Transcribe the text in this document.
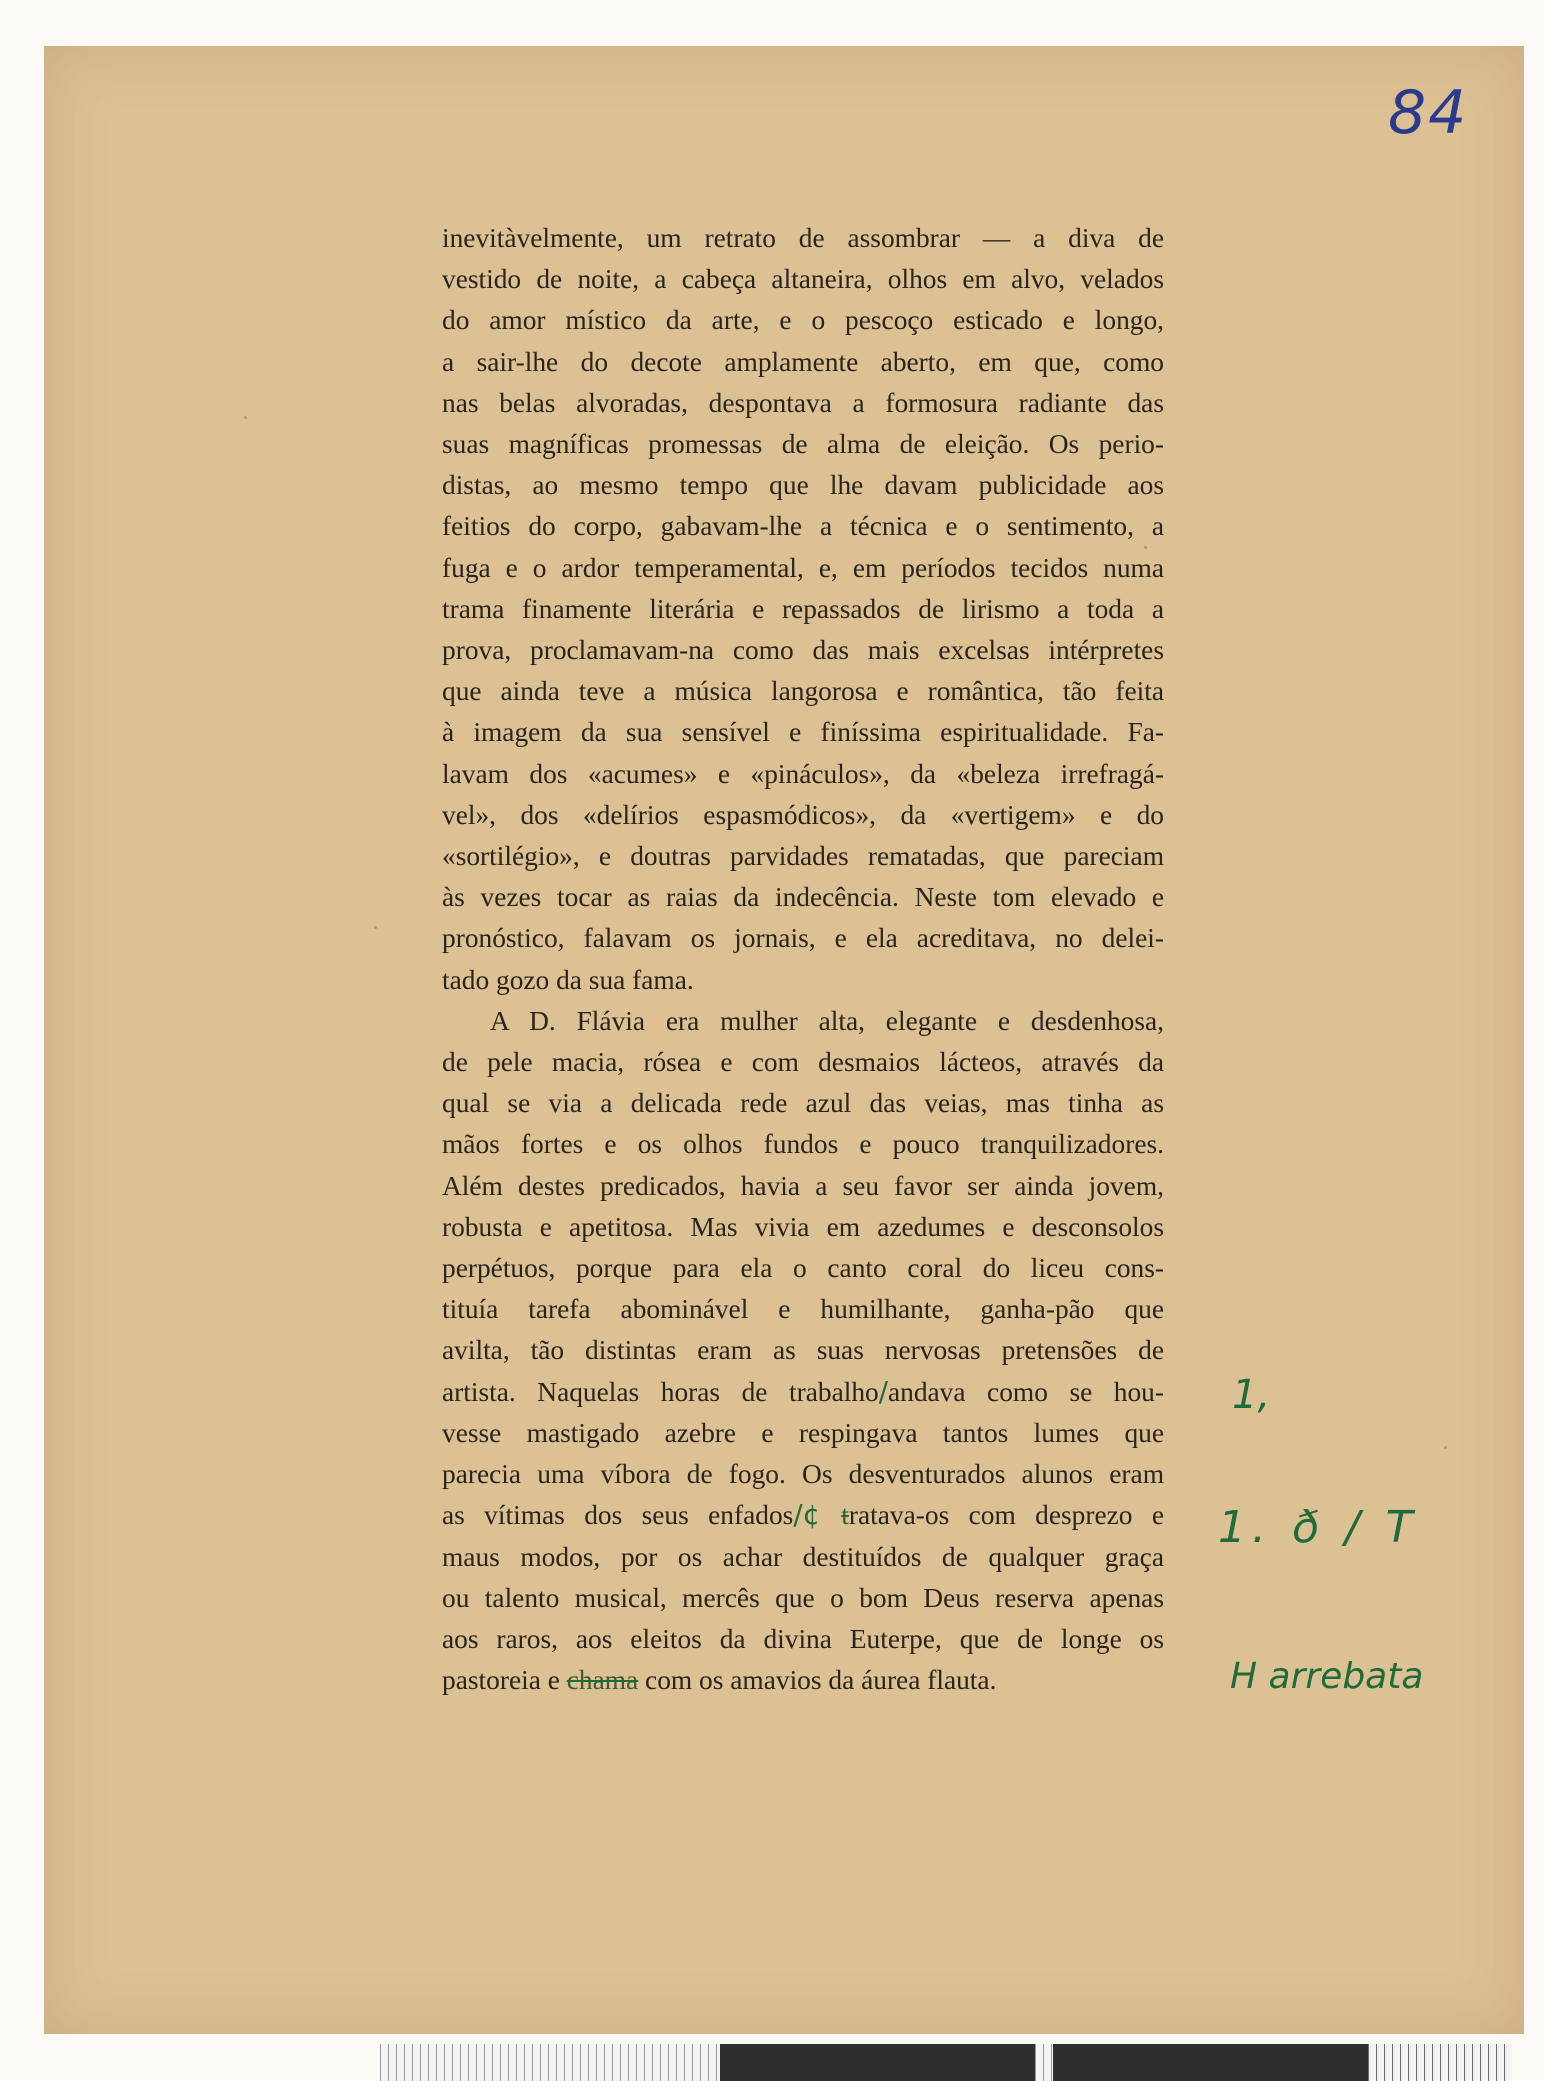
84
inevitàvelmente, um retrato de assombrar — a diva de
vestido de noite, a cabeça altaneira, olhos em alvo, velados
do amor místico da arte, e o pescoço esticado e longo,
a sair-lhe do decote amplamente aberto, em que, como
nas belas alvoradas, despontava a formosura radiante das
suas magníficas promessas de alma de eleição. Os perio-
distas, ao mesmo tempo que lhe davam publicidade aos
feitios do corpo, gabavam-lhe a técnica e o sentimento, a
fuga e o ardor temperamental, e, em períodos tecidos numa
trama finamente literária e repassados de lirismo a toda a
prova, proclamavam-na como das mais excelsas intérpretes
que ainda teve a música langorosa e romântica, tão feita
à imagem da sua sensível e finíssima espiritualidade. Fa-
lavam dos «acumes» e «pináculos», da «beleza irrefragá-
vel», dos «delírios espasmódicos», da «vertigem» e do
«sortilégio», e doutras parvidades rematadas, que pareciam
às vezes tocar as raias da indecência. Neste tom elevado e
pronóstico, falavam os jornais, e ela acreditava, no delei-
tado gozo da sua fama.
A D. Flávia era mulher alta, elegante e desdenhosa,
de pele macia, rósea e com desmaios lácteos, através da
qual se via a delicada rede azul das veias, mas tinha as
mãos fortes e os olhos fundos e pouco tranquilizadores.
Além destes predicados, havia a seu favor ser ainda jovem,
robusta e apetitosa. Mas vivia em azedumes e desconsolos
perpétuos, porque para ela o canto coral do liceu cons-
tituía tarefa abominável e humilhante, ganha-pão que
avilta, tão distintas eram as suas nervosas pretensões de
artista. Naquelas horas de trabalho/andava como se hou-
vesse mastigado azebre e respingava tantos lumes que
parecia uma víbora de fogo. Os desventurados alunos eram
as vítimas dos seus enfados/¢ tratava-os com desprezo e
maus modos, por os achar destituídos de qualquer graça
ou talento musical, mercês que o bom Deus reserva apenas
aos raros, aos eleitos da divina Euterpe, que de longe os
pastoreia e chama com os amavios da áurea flauta.
1,
1. ð / T
H arrebata
